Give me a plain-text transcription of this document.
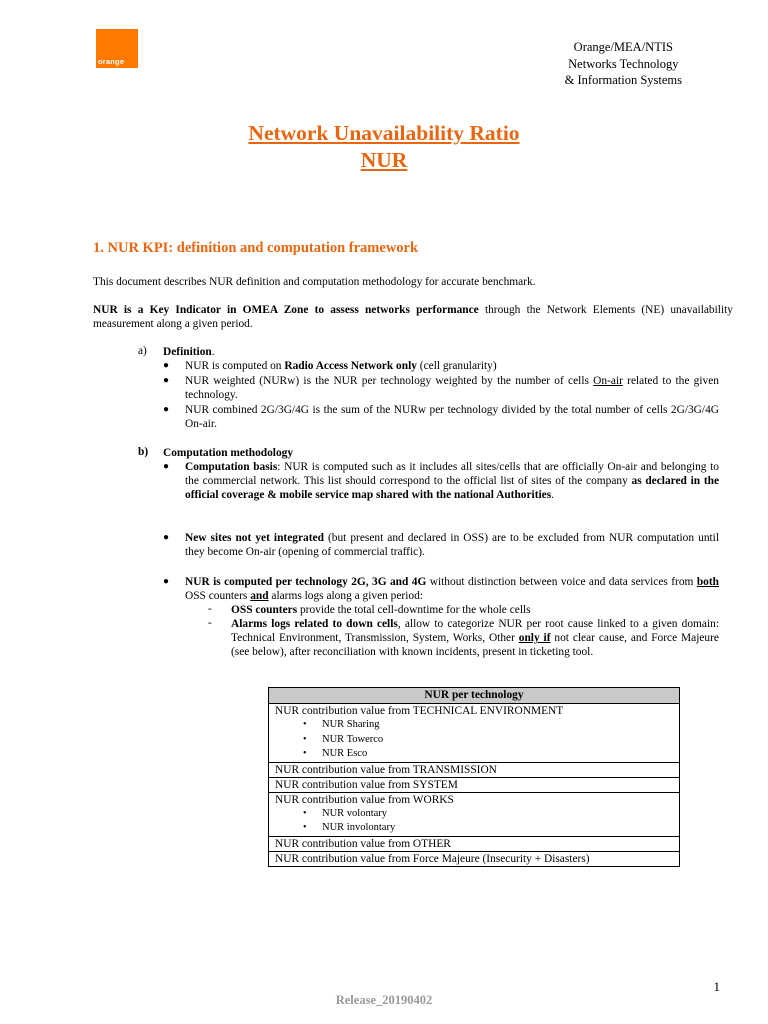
orange
Orange/MEA/NTIS
Networks Technology
& Information Systems
Network Unavailability Ratio
NUR
1. NUR KPI: definition and computation framework
This document describes NUR definition and computation methodology for accurate benchmark.
NUR is a Key Indicator in OMEA Zone to assess networks performance through the Network Elements (NE) unavailability measurement along a given period.
a) Definition.
● NUR is computed on Radio Access Network only (cell granularity)
● NUR weighted (NURw) is the NUR per technology weighted by the number of cells On-air related to the given technology.
● NUR combined 2G/3G/4G is the sum of the NURw per technology divided by the total number of cells 2G/3G/4G On-air.
b) Computation methodology
● Computation basis: NUR is computed such as it includes all sites/cells that are officially On-air and belonging to the commercial network. This list should correspond to the official list of sites of the company as declared in the official coverage & mobile service map shared with the national Authorities.
● New sites not yet integrated (but present and declared in OSS) are to be excluded from NUR computation until they become On-air (opening of commercial traffic).
● NUR is computed per technology 2G, 3G and 4G without distinction between voice and data services from both OSS counters and alarms logs along a given period:
- OSS counters provide the total cell-downtime for the whole cells
- Alarms logs related to down cells, allow to categorize NUR per root cause linked to a given domain: Technical Environment, Transmission, System, Works, Other only if not clear cause, and Force Majeure (see below), after reconciliation with known incidents, present in ticketing tool.
NUR per technology
NUR contribution value from TECHNICAL ENVIRONMENT
• NUR Sharing
• NUR Towerco
• NUR Esco
NUR contribution value from TRANSMISSION
NUR contribution value from SYSTEM
NUR contribution value from WORKS
• NUR volontary
• NUR involontary
NUR contribution value from OTHER
NUR contribution value from Force Majeure (Insecurity + Disasters)
1
Release_20190402
